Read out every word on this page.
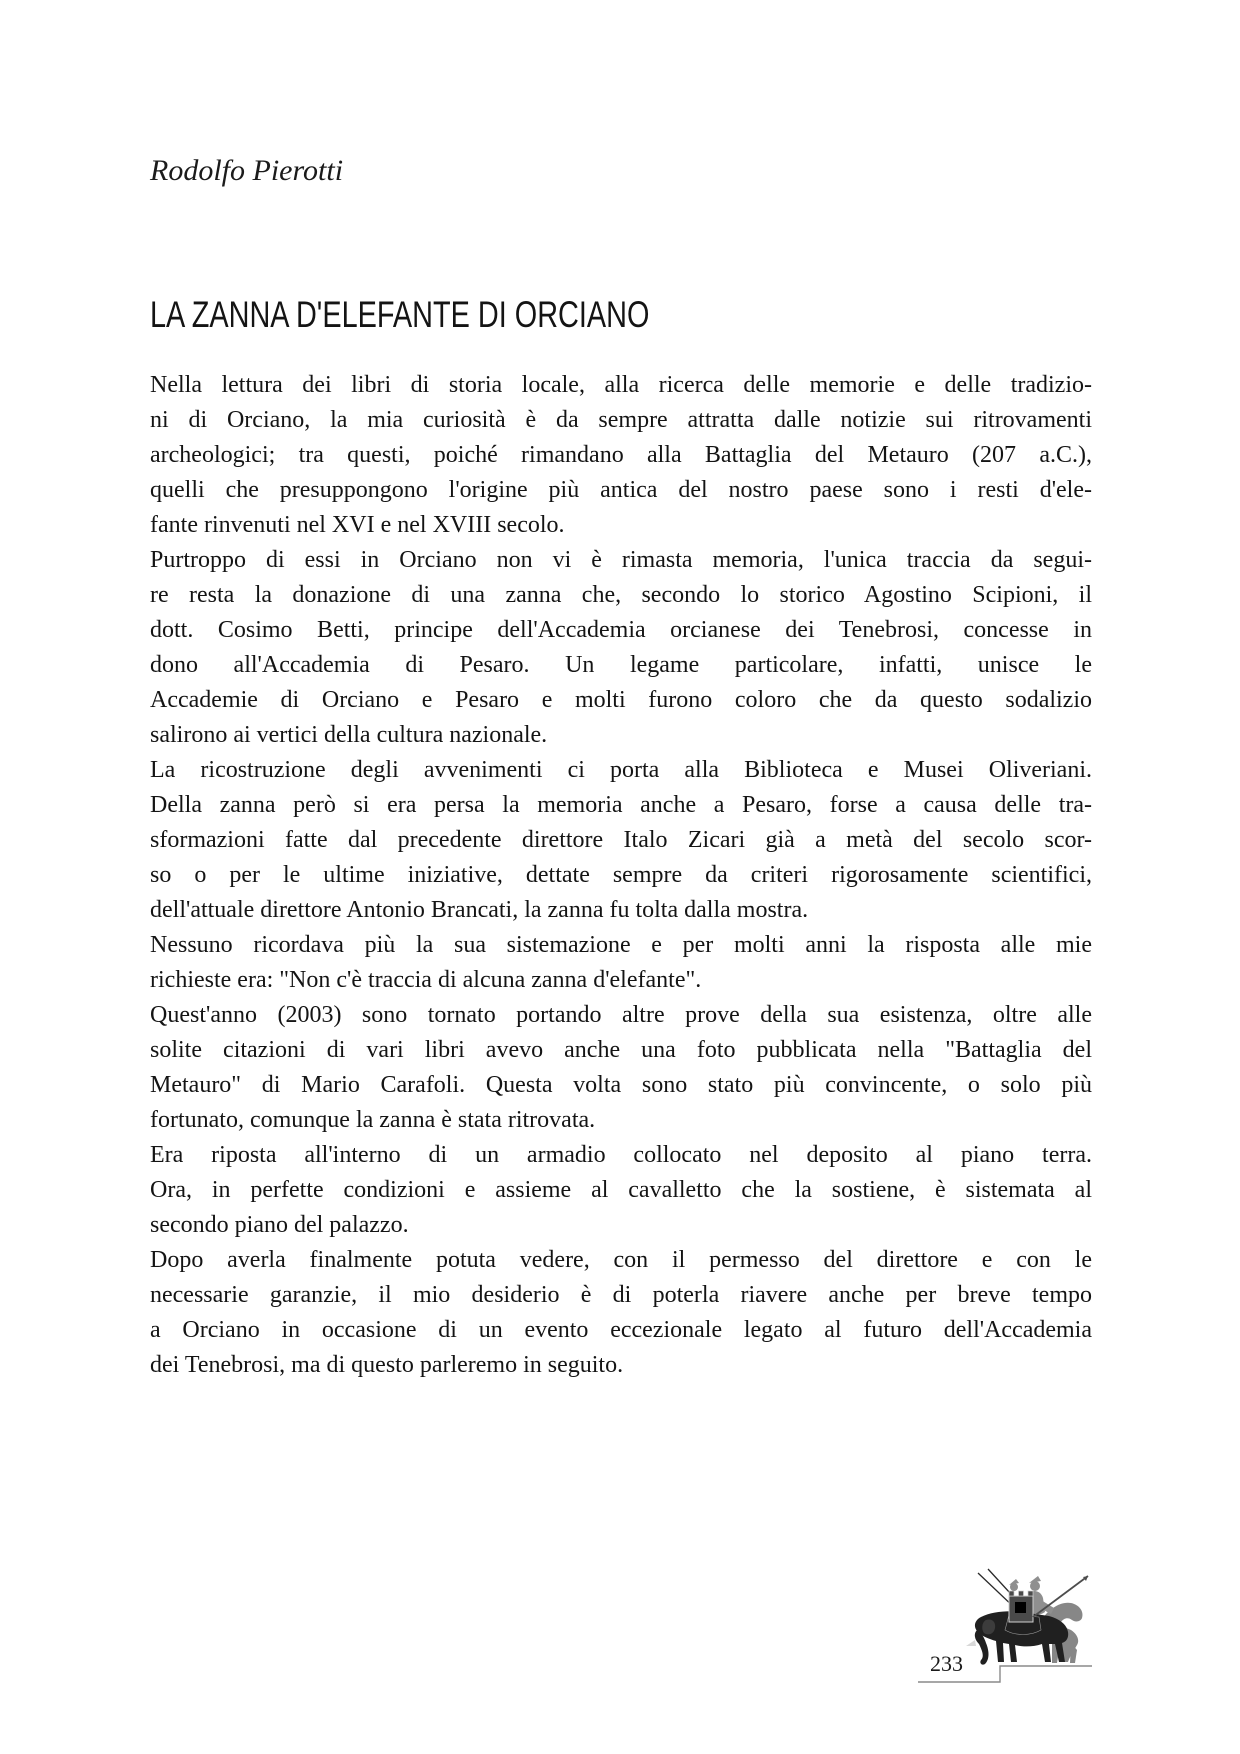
Rodolfo Pierotti
LA ZANNA D'ELEFANTE DI ORCIANO
Nella lettura dei libri di storia locale, alla ricerca delle memorie e delle tradizio-
ni di Orciano, la mia curiosità è da sempre attratta dalle notizie sui ritrovamenti
archeologici; tra questi, poiché rimandano alla Battaglia del Metauro (207 a.C.),
quelli che presuppongono l'origine più antica del nostro paese sono i resti d'ele-
fante rinvenuti nel XVI e nel XVIII secolo.
Purtroppo di essi in Orciano non vi è rimasta memoria, l'unica traccia da segui-
re resta la donazione di una zanna che, secondo lo storico Agostino Scipioni, il
dott. Cosimo Betti, principe dell'Accademia orcianese dei Tenebrosi, concesse in
dono all'Accademia di Pesaro. Un legame particolare, infatti, unisce le
Accademie di Orciano e Pesaro e molti furono coloro che da questo sodalizio
salirono ai vertici della cultura nazionale.
La ricostruzione degli avvenimenti ci porta alla Biblioteca e Musei Oliveriani.
Della zanna però si era persa la memoria anche a Pesaro, forse a causa delle tra-
sformazioni fatte dal precedente direttore Italo Zicari già a metà del secolo scor-
so o per le ultime iniziative, dettate sempre da criteri rigorosamente scientifici,
dell'attuale direttore Antonio Brancati, la zanna fu tolta dalla mostra.
Nessuno ricordava più la sua sistemazione e per molti anni la risposta alle mie
richieste era: "Non c'è traccia di alcuna zanna d'elefante".
Quest'anno (2003) sono tornato portando altre prove della sua esistenza, oltre alle
solite citazioni di vari libri avevo anche una foto pubblicata nella "Battaglia del
Metauro" di Mario Carafoli. Questa volta sono stato più convincente, o solo più
fortunato, comunque la zanna è stata ritrovata.
Era riposta all'interno di un armadio collocato nel deposito al piano terra.
Ora, in perfette condizioni e assieme al cavalletto che la sostiene, è sistemata al
secondo piano del palazzo.
Dopo averla finalmente potuta vedere, con il permesso del direttore e con le
necessarie garanzie, il mio desiderio è di poterla riavere anche per breve tempo
a Orciano in occasione di un evento eccezionale legato al futuro dell'Accademia
dei Tenebrosi, ma di questo parleremo in seguito.
233
